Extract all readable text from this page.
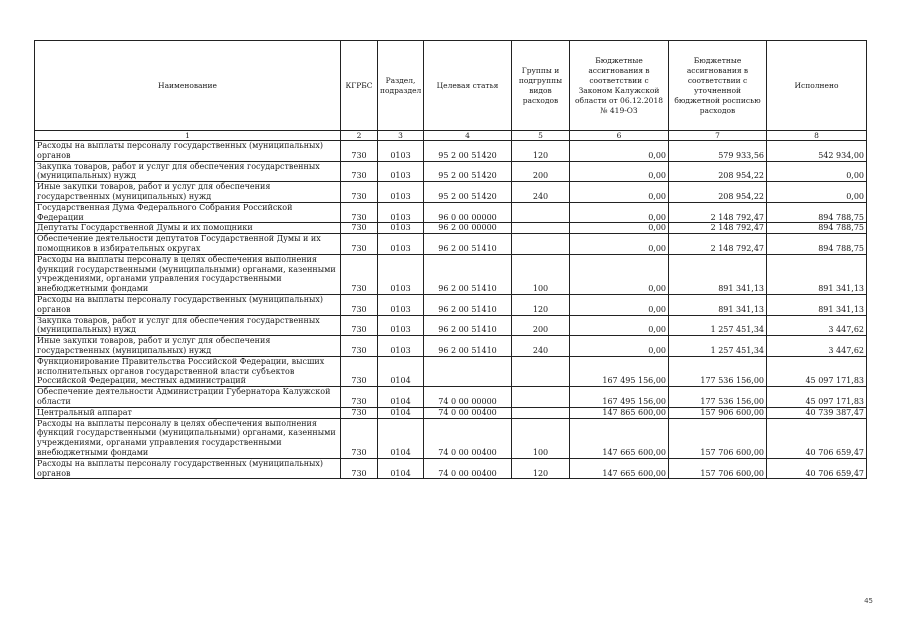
Наименование	КГРБС	Раздел, подраздел	Целевая статья	Группы и подгруппы видов расходов	Бюджетные ассигнования в соответствии с Законом Калужской области от 06.12.2018 № 419-ОЗ	Бюджетные ассигнования в соответствии с уточненной бюджетной росписью расходов	Исполнено
1	2	3	4	5	6	7	8
Расходы на выплаты персоналу государственных (муниципальных) органов	730	0103	95 2 00 51420	120	0,00	579 933,56	542 934,00
Закупка товаров, работ и услуг для обеспечения государственных (муниципальных) нужд	730	0103	95 2 00 51420	200	0,00	208 954,22	0,00
Иные закупки товаров, работ и услуг для обеспечения государственных (муниципальных) нужд	730	0103	95 2 00 51420	240	0,00	208 954,22	0,00
Государственная Дума Федерального Собрания Российской Федерации	730	0103	96 0 00 00000		0,00	2 148 792,47	894 788,75
Депутаты Государственной Думы и их помощники	730	0103	96 2 00 00000		0,00	2 148 792,47	894 788,75
Обеспечение деятельности депутатов Государственной Думы и их помощников в избирательных округах	730	0103	96 2 00 51410		0,00	2 148 792,47	894 788,75
Расходы на выплаты персоналу в целях обеспечения выполнения функций государственными (муниципальными) органами, казенными учреждениями, органами управления государственными внебюджетными фондами	730	0103	96 2 00 51410	100	0,00	891 341,13	891 341,13
Расходы на выплаты персоналу государственных (муниципальных) органов	730	0103	96 2 00 51410	120	0,00	891 341,13	891 341,13
Закупка товаров, работ и услуг для обеспечения государственных (муниципальных) нужд	730	0103	96 2 00 51410	200	0,00	1 257 451,34	3 447,62
Иные закупки товаров, работ и услуг для обеспечения государственных (муниципальных) нужд	730	0103	96 2 00 51410	240	0,00	1 257 451,34	3 447,62
Функционирование Правительства Российской Федерации, высших исполнительных органов государственной власти субъектов Российской Федерации, местных администраций	730	0104			167 495 156,00	177 536 156,00	45 097 171,83
Обеспечение деятельности Администрации Губернатора Калужской области	730	0104	74 0 00 00000		167 495 156,00	177 536 156,00	45 097 171,83
Центральный аппарат	730	0104	74 0 00 00400		147 865 600,00	157 906 600,00	40 739 387,47
Расходы на выплаты персоналу в целях обеспечения выполнения функций государственными (муниципальными) органами, казенными учреждениями, органами управления государственными внебюджетными фондами	730	0104	74 0 00 00400	100	147 665 600,00	157 706 600,00	40 706 659,47
Расходы на выплаты персоналу государственных (муниципальных) органов	730	0104	74 0 00 00400	120	147 665 600,00	157 706 600,00	40 706 659,47
45
